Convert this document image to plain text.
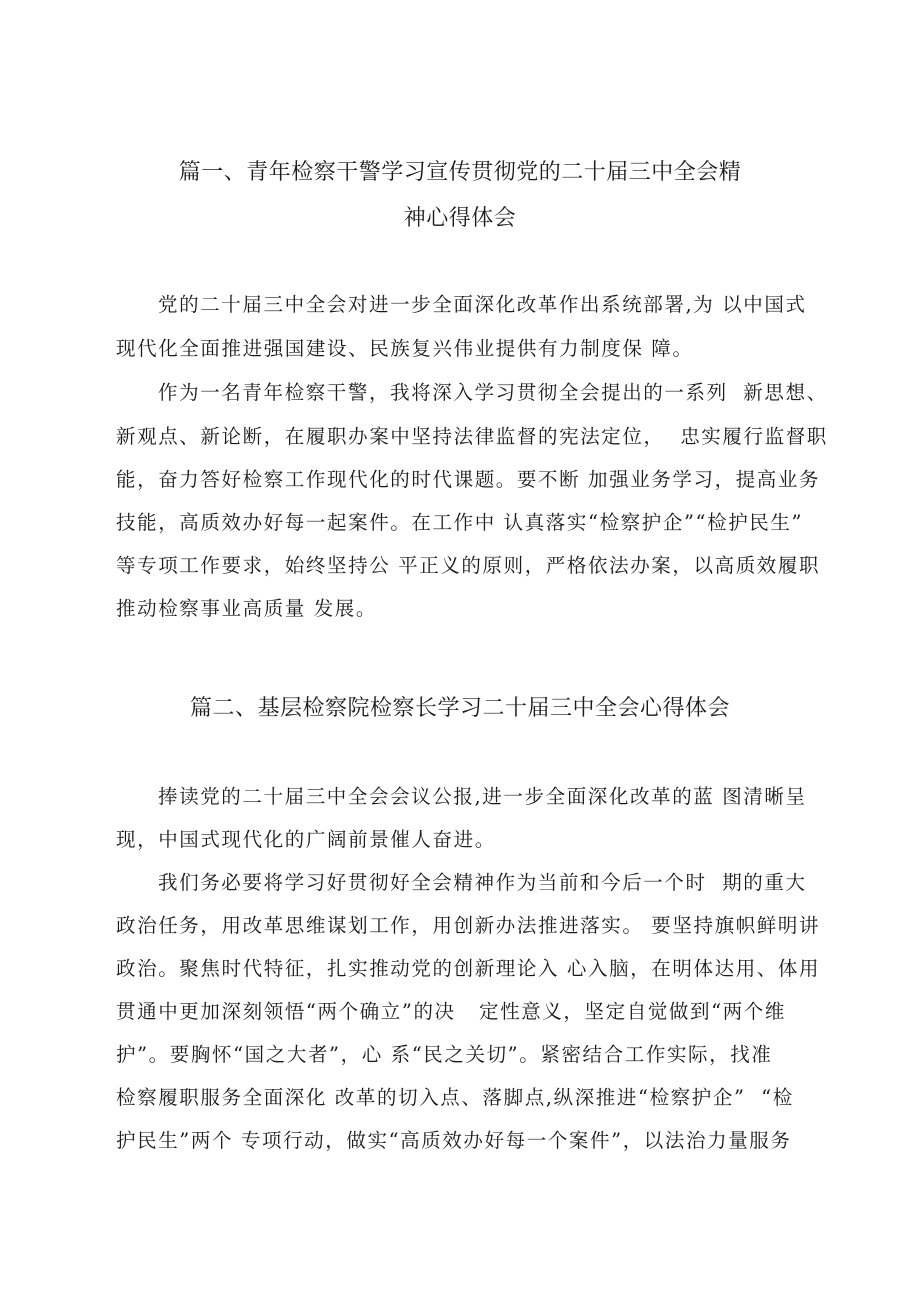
篇一、青年检察干警学习宣传贯彻党的二十届三中全会精
神心得体会
党的二十届三中全会对进一步全面深化改革作出系统部署,为 以中国式
现代化全面推进强国建设、民族复兴伟业提供有力制度保 障。
作为一名青年检察干警，我将深入学习贯彻全会提出的一系列  新思想、
新观点、新论断，在履职办案中坚持法律监督的宪法定位，  忠实履行监督职
能，奋力答好检察工作现代化的时代课题。要不断 加强业务学习，提高业务
技能，高质效办好每一起案件。在工作中 认真落实“检察护企”“检护民生”
等专项工作要求，始终坚持公 平正义的原则，严格依法办案，以高质效履职
推动检察事业高质量 发展。
篇二、基层检察院检察长学习二十届三中全会心得体会
捧读党的二十届三中全会会议公报,进一步全面深化改革的蓝 图清晰呈
现，中国式现代化的广阔前景催人奋进。
我们务必要将学习好贯彻好全会精神作为当前和今后一个时  期的重大
政治任务，用改革思维谋划工作，用创新办法推进落实。 要坚持旗帜鲜明讲
政治。聚焦时代特征，扎实推动党的创新理论入 心入脑，在明体达用、体用
贯通中更加深刻领悟“两个确立”的决   定性意义，坚定自觉做到“两个维
护”。要胸怀“国之大者”，心 系“民之关切”。紧密结合工作实际，找准
检察履职服务全面深化 改革的切入点、落脚点,纵深推进“检察护企”  “检
护民生”两个 专项行动，做实“高质效办好每一个案件”，以法治力量服务
